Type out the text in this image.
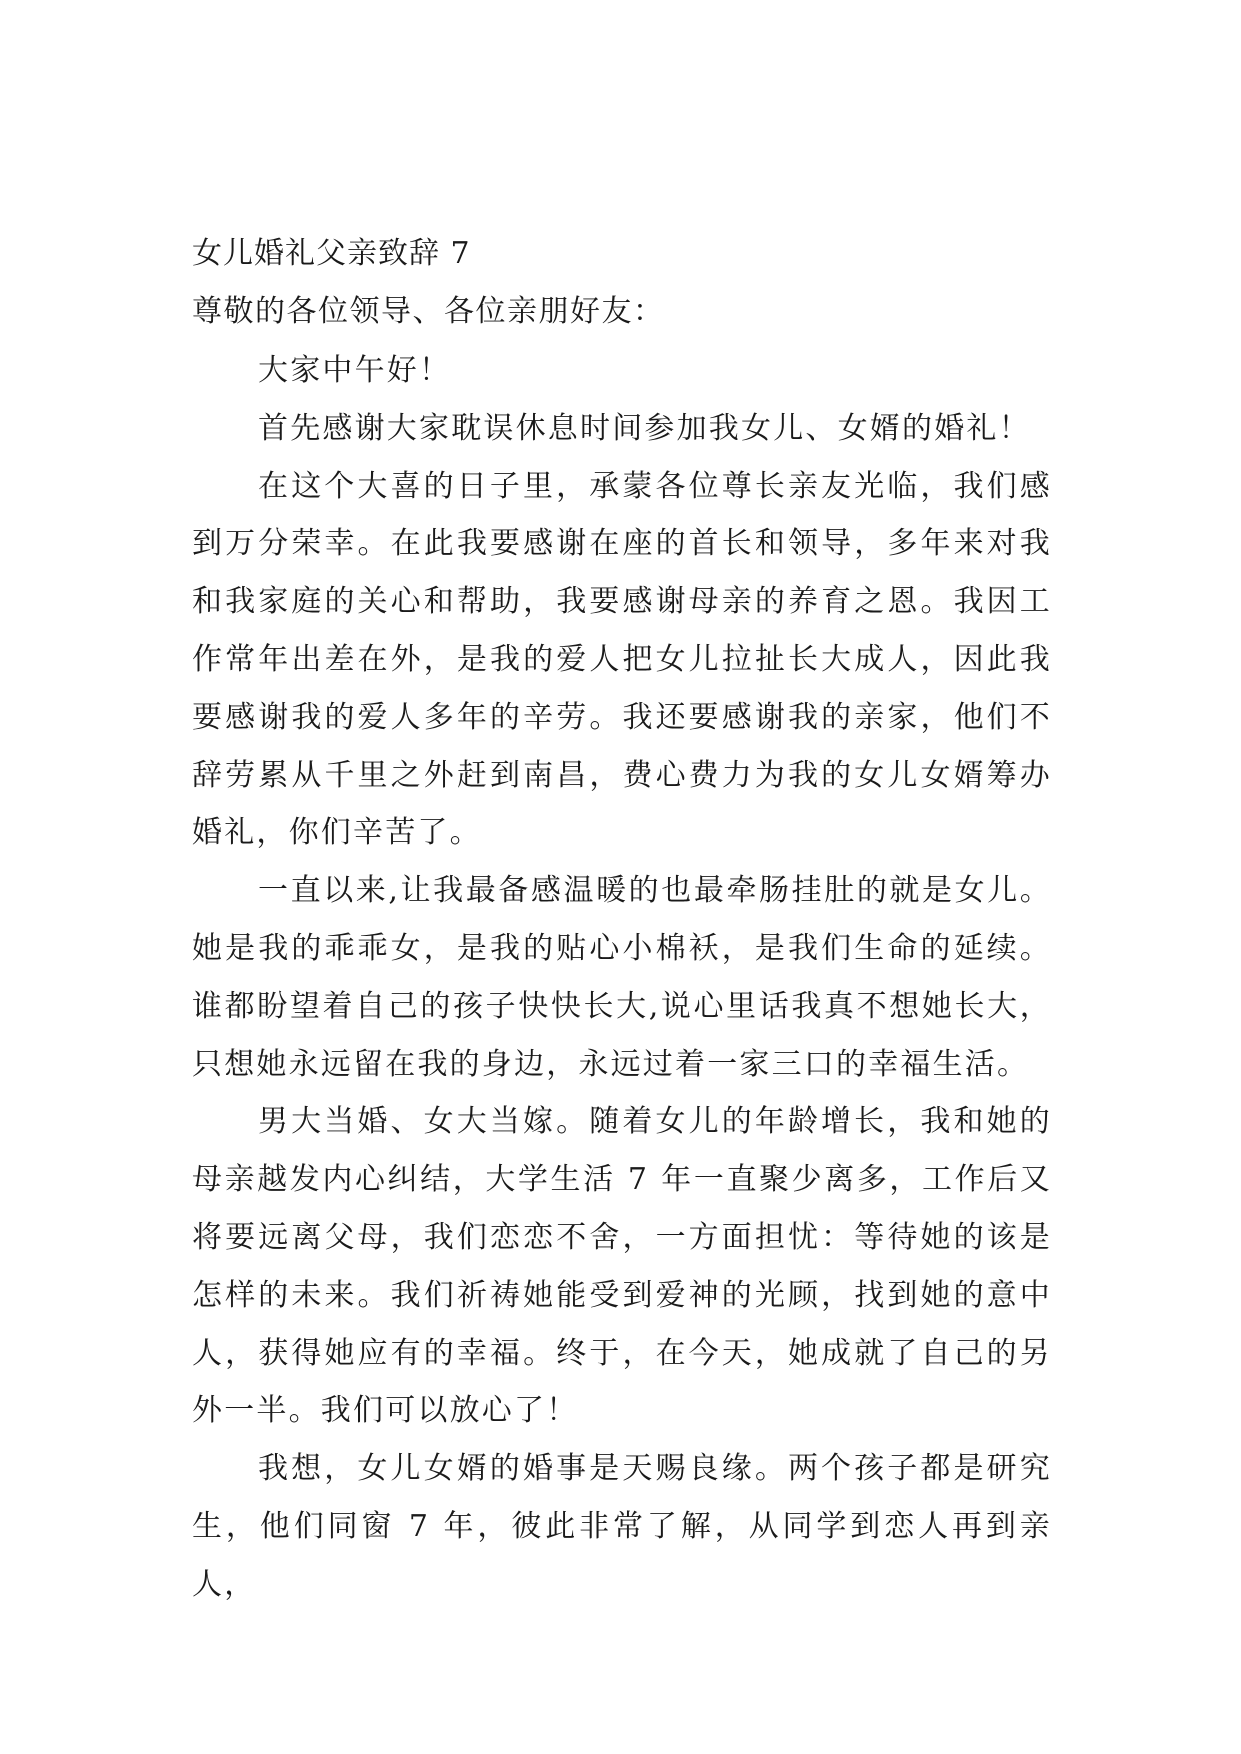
女儿婚礼父亲致辞 7

尊敬的各位领导、各位亲朋好友：

大家中午好！

首先感谢大家耽误休息时间参加我女儿、女婿的婚礼！

在这个大喜的日子里，承蒙各位尊长亲友光临，我们感到万分荣幸。在此我要感谢在座的首长和领导，多年来对我和我家庭的关心和帮助，我要感谢母亲的养育之恩。我因工作常年出差在外，是我的爱人把女儿拉扯长大成人，因此我要感谢我的爱人多年的辛劳。我还要感谢我的亲家，他们不辞劳累从千里之外赶到南昌，费心费力为我的女儿女婿筹办婚礼，你们辛苦了。

一直以来,让我最备感温暖的也最牵肠挂肚的就是女儿。她是我的乖乖女，是我的贴心小棉袄，是我们生命的延续。谁都盼望着自己的孩子快快长大,说心里话我真不想她长大，只想她永远留在我的身边，永远过着一家三口的幸福生活。

男大当婚、女大当嫁。随着女儿的年龄增长，我和她的母亲越发内心纠结，大学生活 7 年一直聚少离多，工作后又将要远离父母，我们恋恋不舍，一方面担忧：等待她的该是怎样的未来。我们祈祷她能受到爱神的光顾，找到她的意中人，获得她应有的幸福。终于，在今天，她成就了自己的另外一半。我们可以放心了！

我想，女儿女婿的婚事是天赐良缘。两个孩子都是研究生，他们同窗 7 年，彼此非常了解，从同学到恋人再到亲人，
